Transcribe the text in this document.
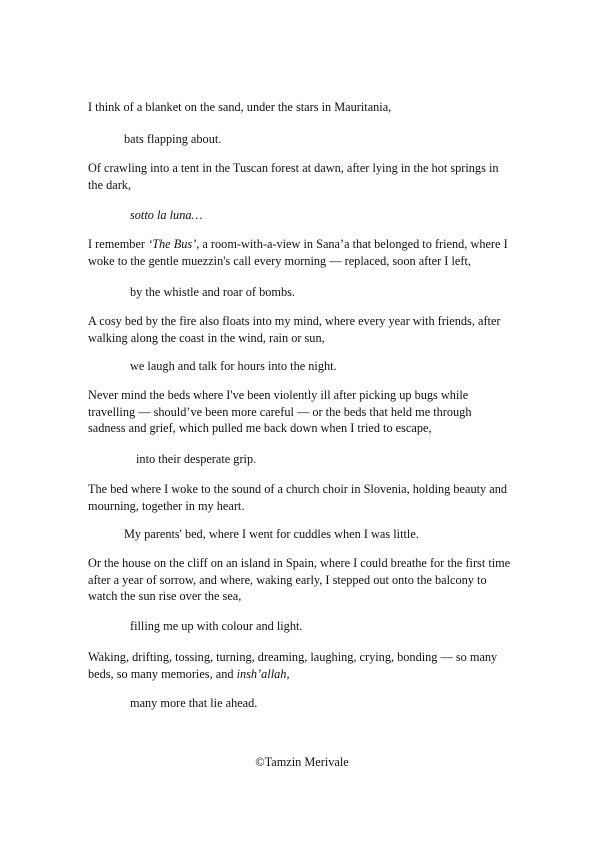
I think of a blanket on the sand, under the stars in Mauritania,

bats flapping about.

Of crawling into a tent in the Tuscan forest at dawn, after lying in the hot springs in
the dark,

sotto la luna…

I remember ‘The Bus’, a room-with-a-view in Sana’a that belonged to friend, where I
woke to the gentle muezzin's call every morning — replaced, soon after I left,

by the whistle and roar of bombs.

A cosy bed by the fire also floats into my mind, where every year with friends, after
walking along the coast in the wind, rain or sun,

we laugh and talk for hours into the night.

Never mind the beds where I've been violently ill after picking up bugs while
travelling — should’ve been more careful — or the beds that held me through
sadness and grief, which pulled me back down when I tried to escape,

into their desperate grip.

The bed where I woke to the sound of a church choir in Slovenia, holding beauty and
mourning, together in my heart.

My parents' bed, where I went for cuddles when I was little.

Or the house on the cliff on an island in Spain, where I could breathe for the first time
after a year of sorrow, and where, waking early, I stepped out onto the balcony to
watch the sun rise over the sea,

filling me up with colour and light.

Waking, drifting, tossing, turning, dreaming, laughing, crying, bonding — so many
beds, so many memories, and insh’allah,

many more that lie ahead.

©Tamzin Merivale
